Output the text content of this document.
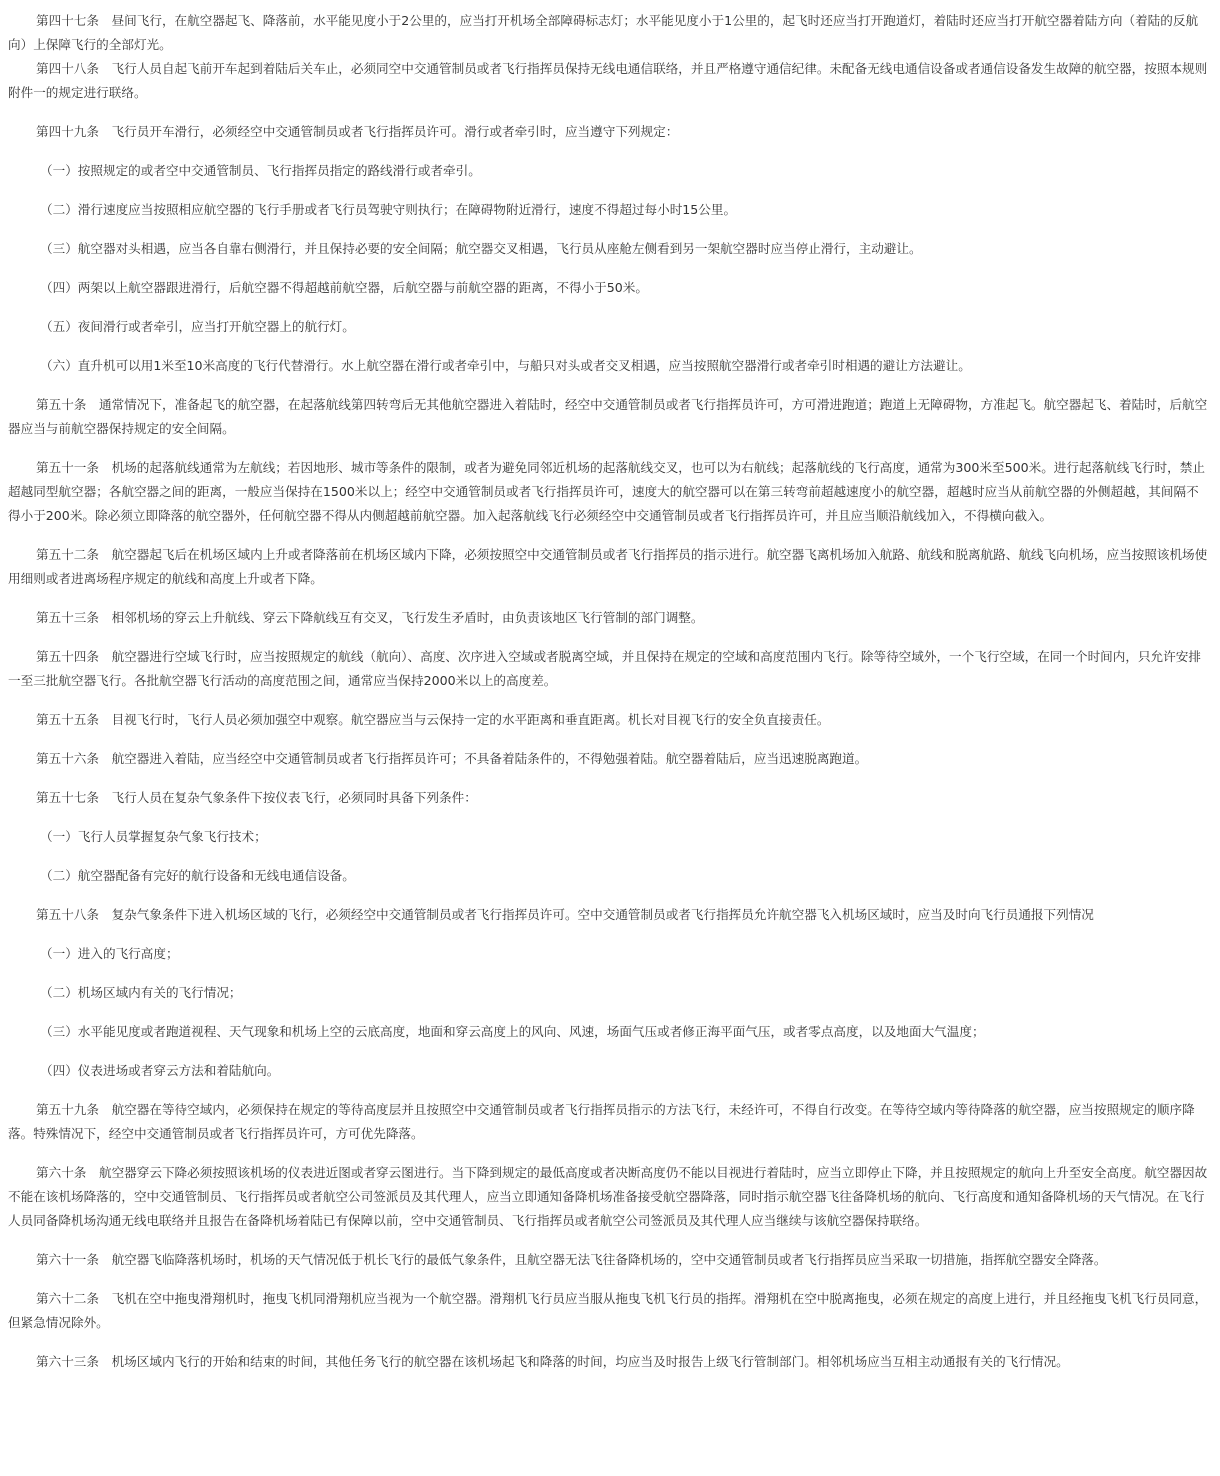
第四十七条　昼间飞行，在航空器起飞、降落前，水平能见度小于2公里的，应当打开机场全部障碍标志灯；水平能见度小于1公里的，起飞时还应当打开跑道灯，着陆时还应当打开航空器着陆方向（着陆的反航向）上保障飞行的全部灯光。

第四十八条　飞行人员自起飞前开车起到着陆后关车止，必须同空中交通管制员或者飞行指挥员保持无线电通信联络，并且严格遵守通信纪律。未配备无线电通信设备或者通信设备发生故障的航空器，按照本规则附件一的规定进行联络。

第四十九条　飞行员开车滑行，必须经空中交通管制员或者飞行指挥员许可。滑行或者牵引时，应当遵守下列规定：

（一）按照规定的或者空中交通管制员、飞行指挥员指定的路线滑行或者牵引。

（二）滑行速度应当按照相应航空器的飞行手册或者飞行员驾驶守则执行；在障碍物附近滑行，速度不得超过每小时15公里。

（三）航空器对头相遇，应当各自靠右侧滑行，并且保持必要的安全间隔；航空器交叉相遇，飞行员从座舱左侧看到另一架航空器时应当停止滑行，主动避让。

（四）两架以上航空器跟进滑行，后航空器不得超越前航空器，后航空器与前航空器的距离，不得小于50米。

（五）夜间滑行或者牵引，应当打开航空器上的航行灯。

（六）直升机可以用1米至10米高度的飞行代替滑行。水上航空器在滑行或者牵引中，与船只对头或者交叉相遇，应当按照航空器滑行或者牵引时相遇的避让方法避让。

第五十条　通常情况下，准备起飞的航空器，在起落航线第四转弯后无其他航空器进入着陆时，经空中交通管制员或者飞行指挥员许可，方可滑进跑道；跑道上无障碍物，方准起飞。航空器起飞、着陆时，后航空器应当与前航空器保持规定的安全间隔。

第五十一条　机场的起落航线通常为左航线；若因地形、城市等条件的限制，或者为避免同邻近机场的起落航线交叉，也可以为右航线；起落航线的飞行高度，通常为300米至500米。进行起落航线飞行时，禁止超越同型航空器；各航空器之间的距离，一般应当保持在1500米以上；经空中交通管制员或者飞行指挥员许可，速度大的航空器可以在第三转弯前超越速度小的航空器，超越时应当从前航空器的外侧超越，其间隔不得小于200米。除必须立即降落的航空器外，任何航空器不得从内侧超越前航空器。加入起落航线飞行必须经空中交通管制员或者飞行指挥员许可，并且应当顺沿航线加入，不得横向截入。

第五十二条　航空器起飞后在机场区域内上升或者降落前在机场区域内下降，必须按照空中交通管制员或者飞行指挥员的指示进行。航空器飞离机场加入航路、航线和脱离航路、航线飞向机场，应当按照该机场使用细则或者进离场程序规定的航线和高度上升或者下降。

第五十三条　相邻机场的穿云上升航线、穿云下降航线互有交叉，飞行发生矛盾时，由负责该地区飞行管制的部门调整。

第五十四条　航空器进行空域飞行时，应当按照规定的航线（航向）、高度、次序进入空域或者脱离空域，并且保持在规定的空域和高度范围内飞行。除等待空域外，一个飞行空域，在同一个时间内，只允许安排一至三批航空器飞行。各批航空器飞行活动的高度范围之间，通常应当保持2000米以上的高度差。

第五十五条　目视飞行时，飞行人员必须加强空中观察。航空器应当与云保持一定的水平距离和垂直距离。机长对目视飞行的安全负直接责任。

第五十六条　航空器进入着陆，应当经空中交通管制员或者飞行指挥员许可；不具备着陆条件的，不得勉强着陆。航空器着陆后，应当迅速脱离跑道。

第五十七条　飞行人员在复杂气象条件下按仪表飞行，必须同时具备下列条件：

（一）飞行人员掌握复杂气象飞行技术；

（二）航空器配备有完好的航行设备和无线电通信设备。

第五十八条　复杂气象条件下进入机场区域的飞行，必须经空中交通管制员或者飞行指挥员许可。空中交通管制员或者飞行指挥员允许航空器飞入机场区域时，应当及时向飞行员通报下列情况

（一）进入的飞行高度；

（二）机场区域内有关的飞行情况；

（三）水平能见度或者跑道视程、天气现象和机场上空的云底高度，地面和穿云高度上的风向、风速，场面气压或者修正海平面气压，或者零点高度，以及地面大气温度；

（四）仪表进场或者穿云方法和着陆航向。

第五十九条　航空器在等待空域内，必须保持在规定的等待高度层并且按照空中交通管制员或者飞行指挥员指示的方法飞行，未经许可，不得自行改变。在等待空域内等待降落的航空器，应当按照规定的顺序降落。特殊情况下，经空中交通管制员或者飞行指挥员许可，方可优先降落。

第六十条　航空器穿云下降必须按照该机场的仪表进近图或者穿云图进行。当下降到规定的最低高度或者决断高度仍不能以目视进行着陆时，应当立即停止下降，并且按照规定的航向上升至安全高度。航空器因故不能在该机场降落的，空中交通管制员、飞行指挥员或者航空公司签派员及其代理人，应当立即通知备降机场准备接受航空器降落，同时指示航空器飞往备降机场的航向、飞行高度和通知备降机场的天气情况。在飞行人员同备降机场沟通无线电联络并且报告在备降机场着陆已有保障以前，空中交通管制员、飞行指挥员或者航空公司签派员及其代理人应当继续与该航空器保持联络。

第六十一条　航空器飞临降落机场时，机场的天气情况低于机长飞行的最低气象条件，且航空器无法飞往备降机场的，空中交通管制员或者飞行指挥员应当采取一切措施，指挥航空器安全降落。

第六十二条　飞机在空中拖曳滑翔机时，拖曳飞机同滑翔机应当视为一个航空器。滑翔机飞行员应当服从拖曳飞机飞行员的指挥。滑翔机在空中脱离拖曳，必须在规定的高度上进行，并且经拖曳飞机飞行员同意，但紧急情况除外。

第六十三条　机场区域内飞行的开始和结束的时间，其他任务飞行的航空器在该机场起飞和降落的时间，均应当及时报告上级飞行管制部门。相邻机场应当互相主动通报有关的飞行情况。
